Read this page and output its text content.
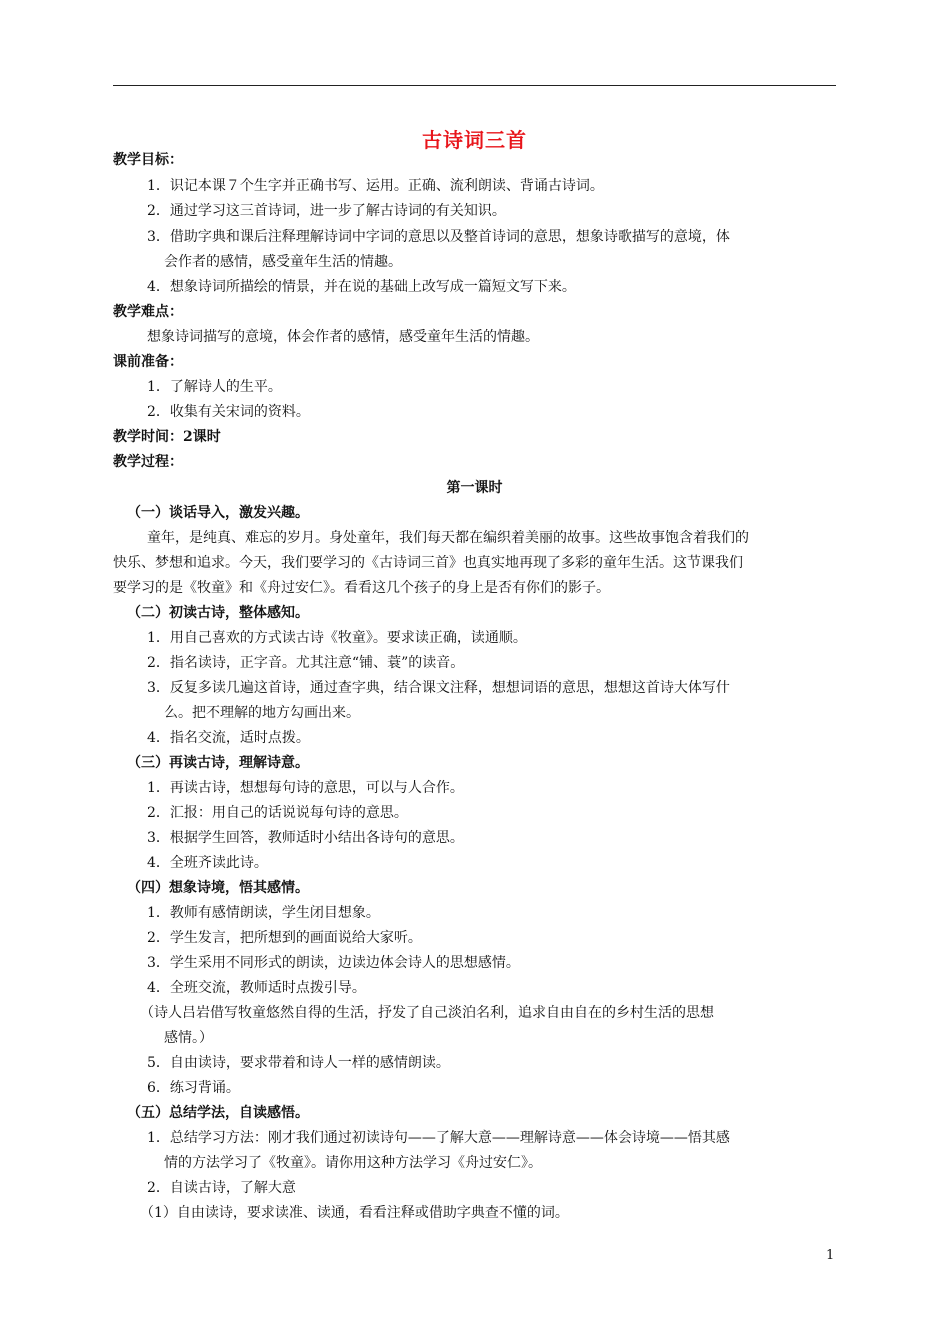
古诗词三首
教学目标：
1．识记本课７个生字并正确书写、运用。正确、流利朗读、背诵古诗词。
2．通过学习这三首诗词，进一步了解古诗词的有关知识。
3．借助字典和课后注释理解诗词中字词的意思以及整首诗词的意思，想象诗歌描写的意境，体
会作者的感情，感受童年生活的情趣。
4．想象诗词所描绘的情景，并在说的基础上改写成一篇短文写下来。
教学难点：
想象诗词描写的意境，体会作者的感情，感受童年生活的情趣。
课前准备：
1．了解诗人的生平。
2．收集有关宋词的资料。
教学时间：2课时
教学过程：
第一课时
（一）谈话导入，激发兴趣。
童年，是纯真、难忘的岁月。身处童年，我们每天都在编织着美丽的故事。这些故事饱含着我们的
快乐、梦想和追求。今天，我们要学习的《古诗词三首》也真实地再现了多彩的童年生活。这节课我们
要学习的是《牧童》和《舟过安仁》。看看这几个孩子的身上是否有你们的影子。
（二）初读古诗，整体感知。
1．用自己喜欢的方式读古诗《牧童》。要求读正确，读通顺。
2．指名读诗，正字音。尤其注意“铺、蓑”的读音。
3．反复多读几遍这首诗，通过查字典，结合课文注释，想想词语的意思，想想这首诗大体写什
么。把不理解的地方勾画出来。
4．指名交流，适时点拨。
（三）再读古诗，理解诗意。
1．再读古诗，想想每句诗的意思，可以与人合作。
2．汇报：用自己的话说说每句诗的意思。
3．根据学生回答，教师适时小结出各诗句的意思。
4．全班齐读此诗。
（四）想象诗境，悟其感情。
1．教师有感情朗读，学生闭目想象。
2．学生发言，把所想到的画面说给大家听。
3．学生采用不同形式的朗读，边读边体会诗人的思想感情。
4．全班交流，教师适时点拨引导。
（诗人吕岩借写牧童悠然自得的生活，抒发了自己淡泊名利，追求自由自在的乡村生活的思想
感情。）
5．自由读诗，要求带着和诗人一样的感情朗读。
6．练习背诵。
（五）总结学法，自读感悟。
1．总结学习方法：刚才我们通过初读诗句——了解大意——理解诗意——体会诗境——悟其感
情的方法学习了《牧童》。请你用这种方法学习《舟过安仁》。
2．自读古诗，了解大意
（1）自由读诗，要求读准、读通，看看注释或借助字典查不懂的词。
1
